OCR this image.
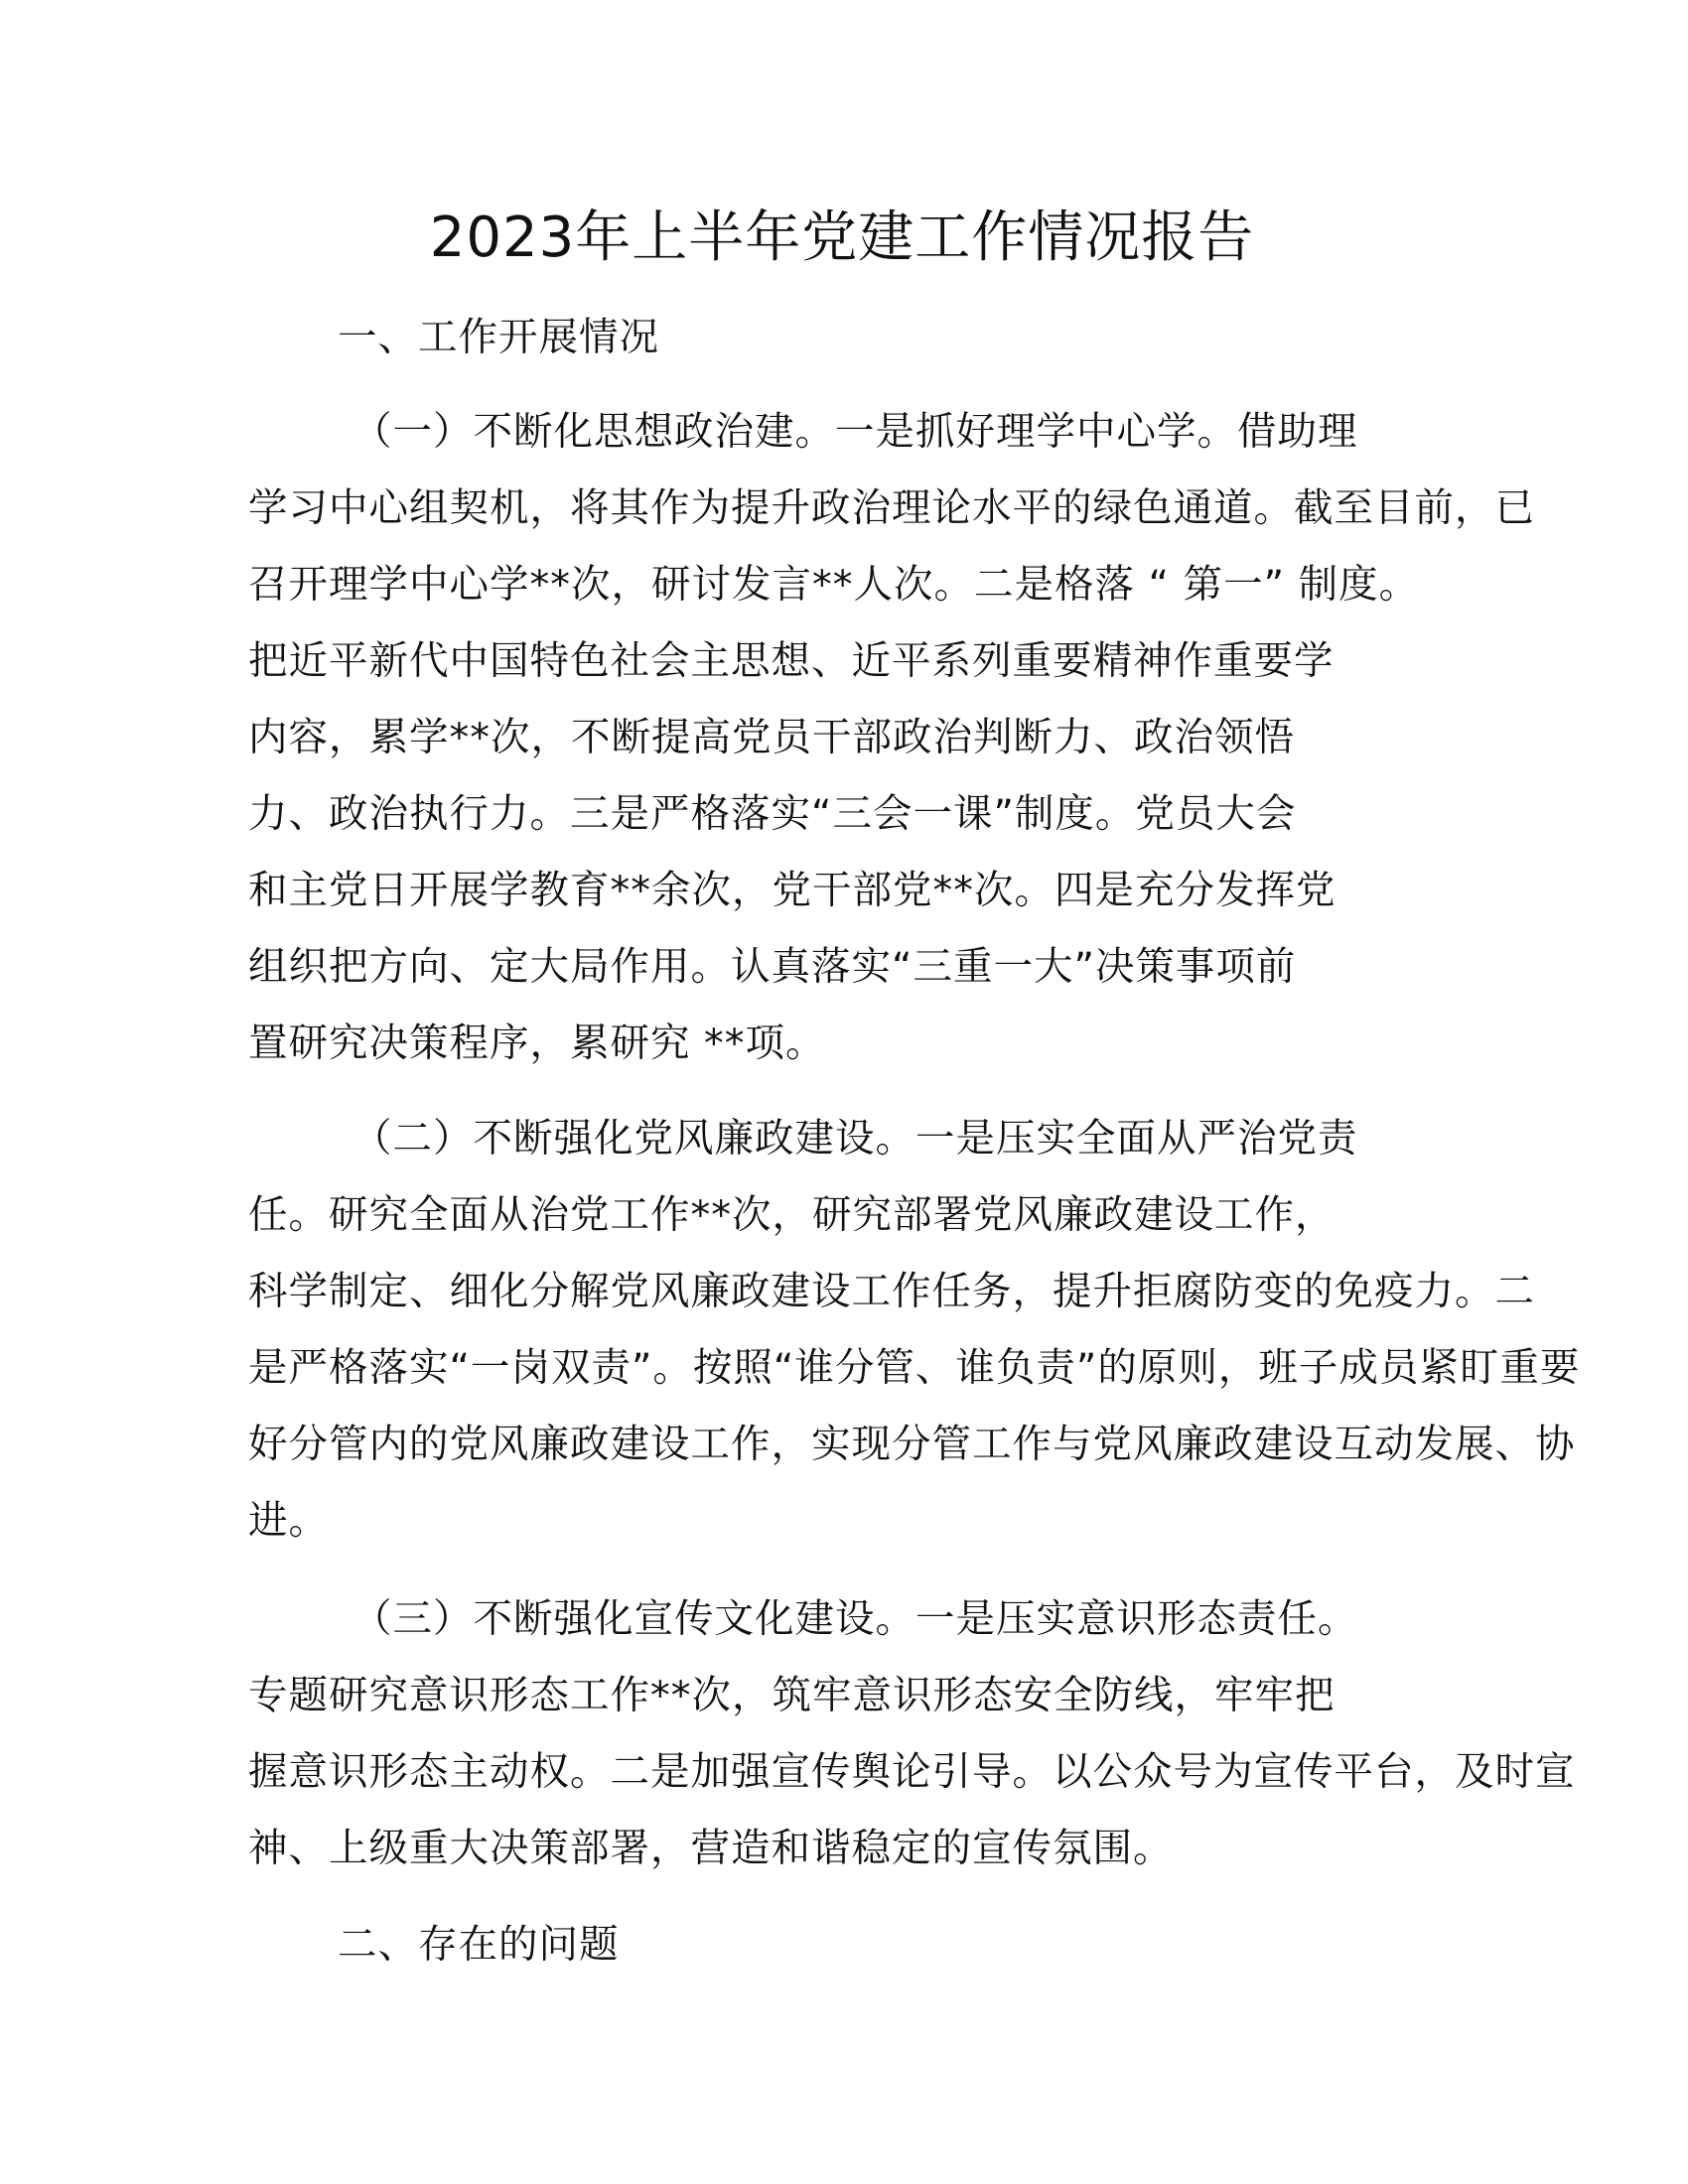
2023年上半年党建工作情况报告
一、工作开展情况
（一）不断化思想政治建。一是抓好理学中心学。借助理
学习中心组契机，将其作为提升政治理论水平的绿色通道。截至目前，已
召开理学中心学**次，研讨发言**人次。二是格落 “ 第一” 制度。
把近平新代中国特色社会主思想、近平系列重要精神作重要学
内容，累学**次，不断提高党员干部政治判断力、政治领悟
力、政治执行力。三是严格落实“三会一课”制度。党员大会
和主党日开展学教育**余次，党干部党**次。四是充分发挥党
组织把方向、定大局作用。认真落实“三重一大”决策事项前
置研究决策程序，累研究 **项。
（二）不断强化党风廉政建设。一是压实全面从严治党责
任。研究全面从治党工作**次，研究部署党风廉政建设工作，
科学制定、细化分解党风廉政建设工作任务，提升拒腐防变的免疫力。二
是严格落实“一岗双责”。按照“谁分管、谁负责”的原则，班子成员紧盯重要
好分管内的党风廉政建设工作，实现分管工作与党风廉政建设互动发展、协
进。
（三）不断强化宣传文化建设。一是压实意识形态责任。
专题研究意识形态工作**次，筑牢意识形态安全防线，牢牢把
握意识形态主动权。二是加强宣传舆论引导。以公众号为宣传平台，及时宣
神、上级重大决策部署，营造和谐稳定的宣传氛围。
二、存在的问题
